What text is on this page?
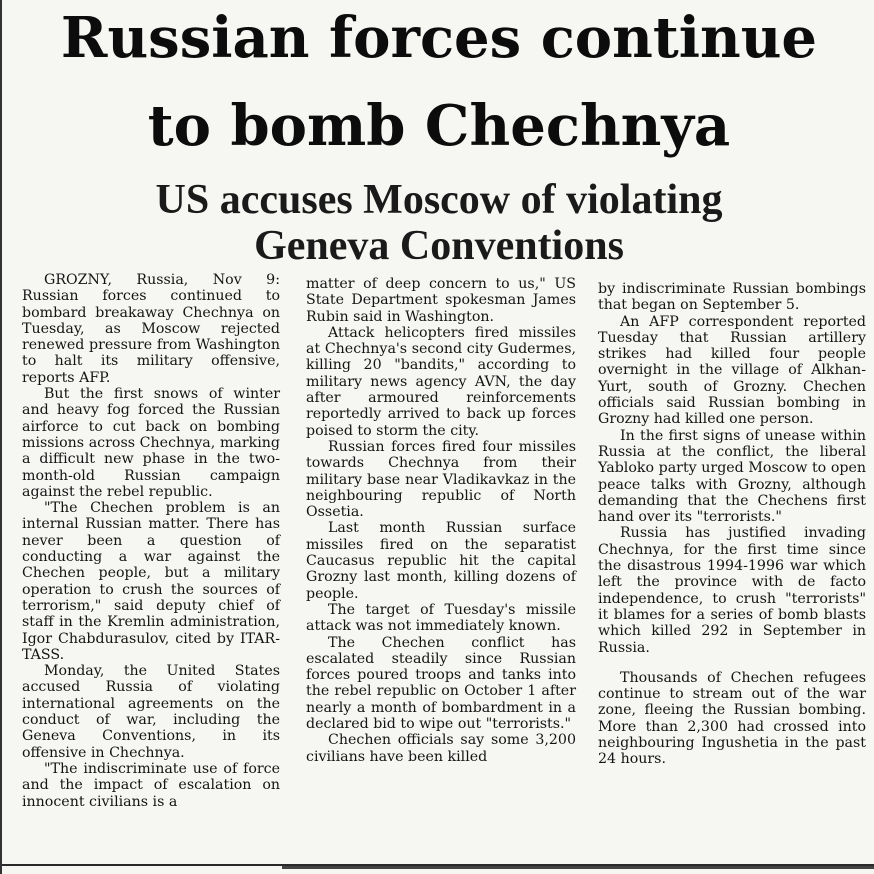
Russian forces continue
to bomb Chechnya
US accuses Moscow of violating
Geneva Conventions

GROZNY, Russia, Nov 9: Russian forces continued to bombard breakaway Chechnya on Tuesday, as Moscow rejected renewed pressure from Washington to halt its military offensive, reports AFP.

But the first snows of winter and heavy fog forced the Russian airforce to cut back on bombing missions across Chechnya, marking a difficult new phase in the two-month-old Russian campaign against the rebel republic.

"The Chechen problem is an internal Russian matter. There has never been a question of conducting a war against the Chechen people, but a military operation to crush the sources of terrorism," said deputy chief of staff in the Kremlin administration, Igor Chabdurasulov, cited by ITAR-TASS.

Monday, the United States accused Russia of violating international agreements on the conduct of war, including the Geneva Conventions, in its offensive in Chechnya.

"The indiscriminate use of force and the impact of escalation on innocent civilians is a

matter of deep concern to us," US State Department spokesman James Rubin said in Washington.

Attack helicopters fired missiles at Chechnya's second city Gudermes, killing 20 "bandits," according to military news agency AVN, the day after armoured reinforcements reportedly arrived to back up forces poised to storm the city.

Russian forces fired four missiles towards Chechnya from their military base near Vladikavkaz in the neighbouring republic of North Ossetia.

Last month Russian surface missiles fired on the separatist Caucasus republic hit the capital Grozny last month, killing dozens of people.

The target of Tuesday's missile attack was not immediately known.

The Chechen conflict has escalated steadily since Russian forces poured troops and tanks into the rebel republic on October 1 after nearly a month of bombardment in a declared bid to wipe out "terrorists."

Chechen officials say some 3,200 civilians have been killed

by indiscriminate Russian bombings that began on September 5.

An AFP correspondent reported Tuesday that Russian artillery strikes had killed four people overnight in the village of Alkhan-Yurt, south of Grozny. Chechen officials said Russian bombing in Grozny had killed one person.

In the first signs of unease within Russia at the conflict, the liberal Yabloko party urged Moscow to open peace talks with Grozny, although demanding that the Chechens first hand over its "terrorists."

Russia has justified invading Chechnya, for the first time since the disastrous 1994-1996 war which left the province with de facto independence, to crush "terrorists" it blames for a series of bomb blasts which killed 292 in September in Russia.

Thousands of Chechen refugees continue to stream out of the war zone, fleeing the Russian bombing. More than 2,300 had crossed into neighbouring Ingushetia in the past 24 hours.
